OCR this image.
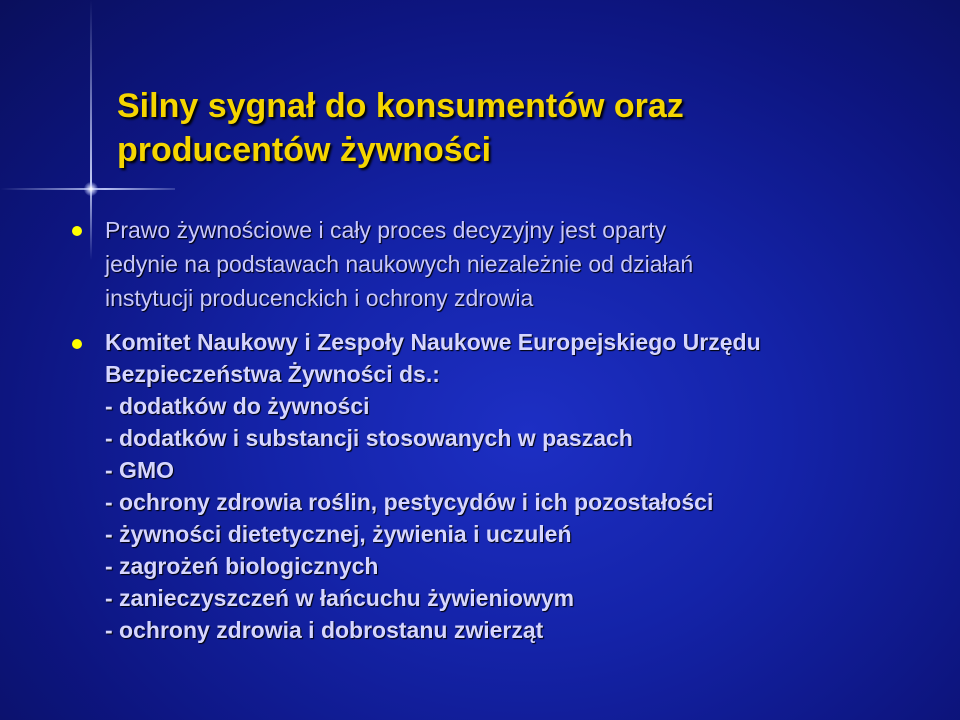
Silny sygnał do konsumentów oraz
producentów żywności
Prawo żywnościowe i cały proces decyzyjny jest oparty
jedynie na podstawach naukowych niezależnie od działań
instytucji producenckich i ochrony zdrowia
Komitet Naukowy i Zespoły Naukowe Europejskiego Urzędu
Bezpieczeństwa Żywności ds.:
- dodatków do żywności
- dodatków i substancji stosowanych w paszach
- GMO
- ochrony zdrowia roślin, pestycydów i ich pozostałości
- żywności dietetycznej, żywienia i uczuleń
- zagrożeń biologicznych
- zanieczyszczeń w łańcuchu żywieniowym
- ochrony zdrowia i dobrostanu zwierząt
